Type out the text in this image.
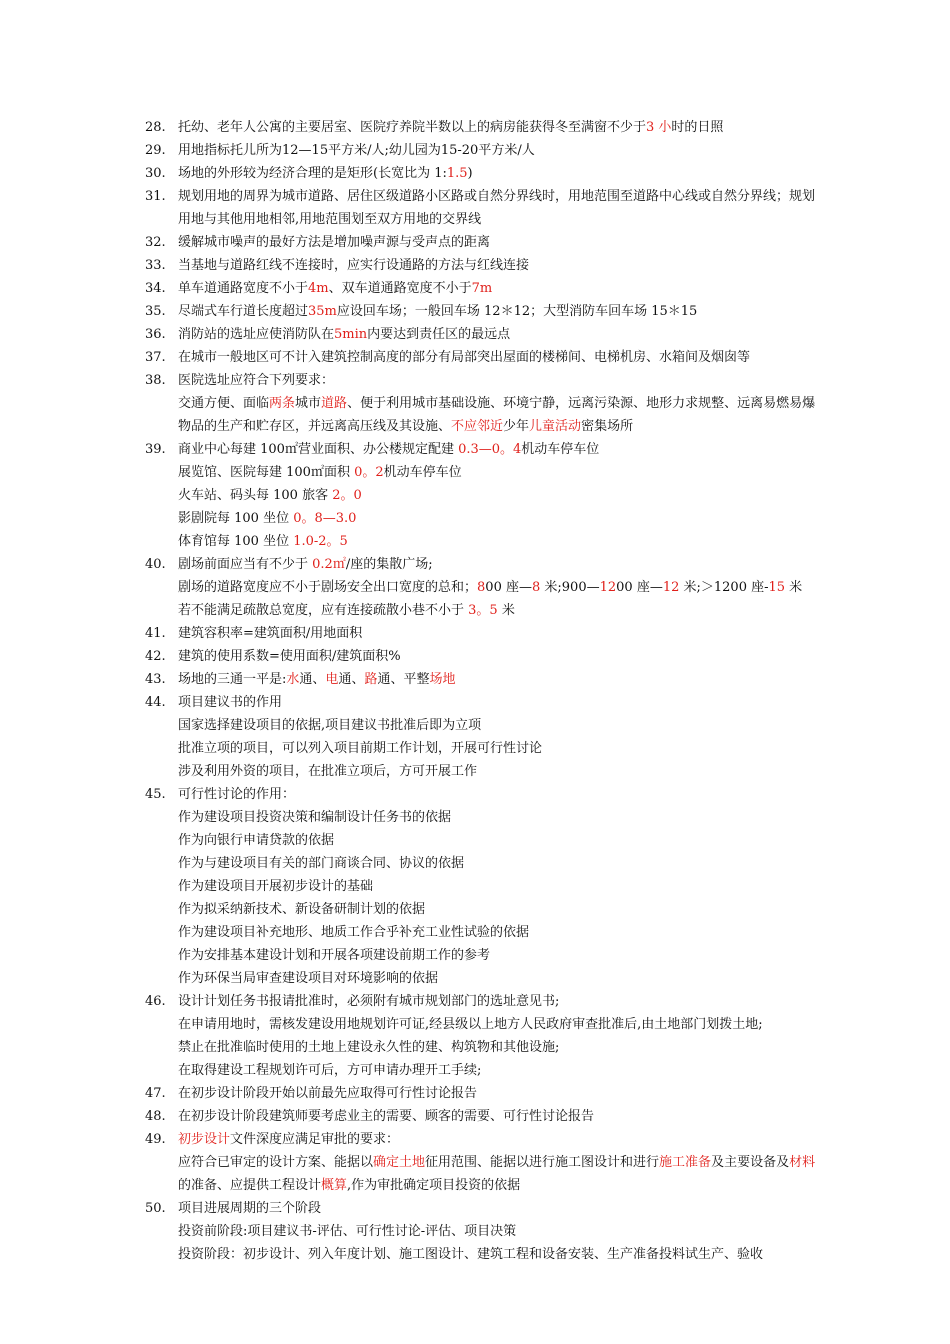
28. 托幼、老年人公寓的主要居室、医院疗养院半数以上的病房能获得冬至满窗不少于3 小时的日照
29. 用地指标托儿所为12—15平方米/人;幼儿园为15-20平方米/人
30. 场地的外形较为经济合理的是矩形(长宽比为 1:1.5)
31. 规划用地的周界为城市道路、居住区级道路小区路或自然分界线时，用地范围至道路中心线或自然分界线；规划
用地与其他用地相邻,用地范围划至双方用地的交界线
32. 缓解城市噪声的最好方法是增加噪声源与受声点的距离
33. 当基地与道路红线不连接时，应实行设通路的方法与红线连接
34. 单车道通路宽度不小于4m、双车道通路宽度不小于7m
35. 尽端式车行道长度超过35m应设回车场；一般回车场 12＊12；大型消防车回车场 15＊15
36. 消防站的选址应使消防队在5min内要达到责任区的最远点
37. 在城市一般地区可不计入建筑控制高度的部分有局部突出屋面的楼梯间、电梯机房、水箱间及烟囱等
38. 医院选址应符合下列要求：
交通方便、面临两条城市道路、便于利用城市基础设施、环境宁静，远离污染源、地形力求规整、远离易燃易爆
物品的生产和贮存区，并远离高压线及其设施、不应邻近少年儿童活动密集场所
39. 商业中心每建 100㎡营业面积、办公楼规定配建 0.3—0。4机动车停车位
展览馆、医院每建 100㎡面积 0。2机动车停车位
火车站、码头每 100 旅客 2。0
影剧院每 100 坐位 0。8—3.0
体育馆每 100 坐位 1.0-2。5
40. 剧场前面应当有不少于 0.2㎡/座的集散广场;
剧场的道路宽度应不小于剧场安全出口宽度的总和；800 座—8 米;900—1200 座—12 米;＞1200 座-15 米
若不能满足疏散总宽度，应有连接疏散小巷不小于 3。5 米
41. 建筑容积率=建筑面积/用地面积
42. 建筑的使用系数=使用面积/建筑面积%
43. 场地的三通一平是:水通、电通、路通、平整场地
44. 项目建议书的作用
国家选择建设项目的依据,项目建议书批准后即为立项
批准立项的项目，可以列入项目前期工作计划，开展可行性讨论
涉及利用外资的项目，在批准立项后，方可开展工作
45. 可行性讨论的作用：
作为建设项目投资决策和编制设计任务书的依据
作为向银行申请贷款的依据
作为与建设项目有关的部门商谈合同、协议的依据
作为建设项目开展初步设计的基础
作为拟采纳新技术、新设备研制计划的依据
作为建设项目补充地形、地质工作合乎补充工业性试验的依据
作为安排基本建设计划和开展各项建设前期工作的参考
作为环保当局审查建设项目对环境影响的依据
46. 设计计划任务书报请批准时，必须附有城市规划部门的选址意见书;
在申请用地时，需核发建设用地规划许可证,经县级以上地方人民政府审查批准后,由土地部门划拨土地;
禁止在批准临时使用的土地上建设永久性的建、构筑物和其他设施;
在取得建设工程规划许可后，方可申请办理开工手续;
47. 在初步设计阶段开始以前最先应取得可行性讨论报告
48. 在初步设计阶段建筑师要考虑业主的需要、顾客的需要、可行性讨论报告
49. 初步设计文件深度应满足审批的要求：
应符合已审定的设计方案、能据以确定土地征用范围、能据以进行施工图设计和进行施工准备及主要设备及材料
的准备、应提供工程设计概算,作为审批确定项目投资的依据
50. 项目进展周期的三个阶段
投资前阶段:项目建议书-评估、可行性讨论-评估、项目决策
投资阶段：初步设计、列入年度计划、施工图设计、建筑工程和设备安装、生产准备投料试生产、验收
